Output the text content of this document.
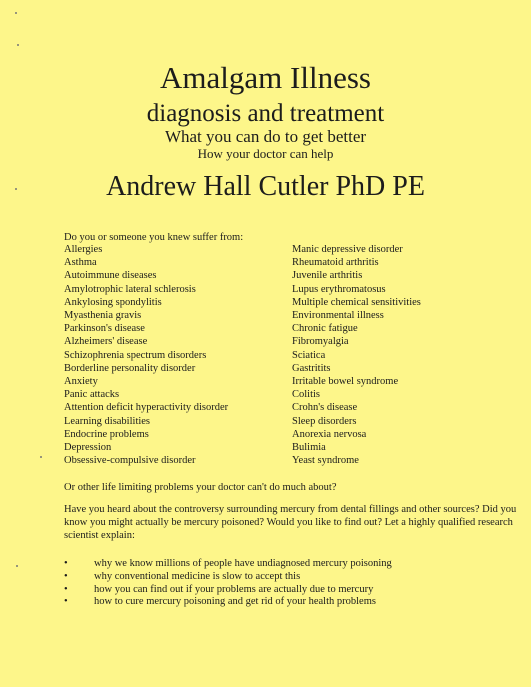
Amalgam Illness
diagnosis and treatment
What you can do to get better
How your doctor can help
Andrew Hall Cutler PhD PE
Do you or someone you knew suffer from:
Allergies
Asthma
Autoimmune diseases
Amylotrophic lateral schlerosis
Ankylosing spondylitis
Myasthenia gravis
Parkinson's disease
Alzheimers' disease
Schizophrenia spectrum disorders
Borderline personality disorder
Anxiety
Panic attacks
Attention deficit hyperactivity disorder
Learning disabilities
Endocrine problems
Depression
Obsessive-compulsive disorder
Manic depressive disorder
Rheumatoid arthritis
Juvenile arthritis
Lupus erythromatosus
Multiple chemical sensitivities
Environmental illness
Chronic fatigue
Fibromyalgia
Sciatica
Gastritits
Irritable bowel syndrome
Colitis
Crohn's disease
Sleep disorders
Anorexia nervosa
Bulimia
Yeast syndrome
Or other life limiting problems your doctor can't do much about?
Have you heard about the controversy surrounding mercury from dental fillings and other sources? Did you know you might actually be mercury poisoned? Would you like to find out? Let a highly qualified research scientist explain:
•	why we know millions of people have undiagnosed mercury poisoning
•	why conventional medicine is slow to accept this
•	how you can find out if your problems are actually due to mercury
•	how to cure mercury poisoning and get rid of your health problems
